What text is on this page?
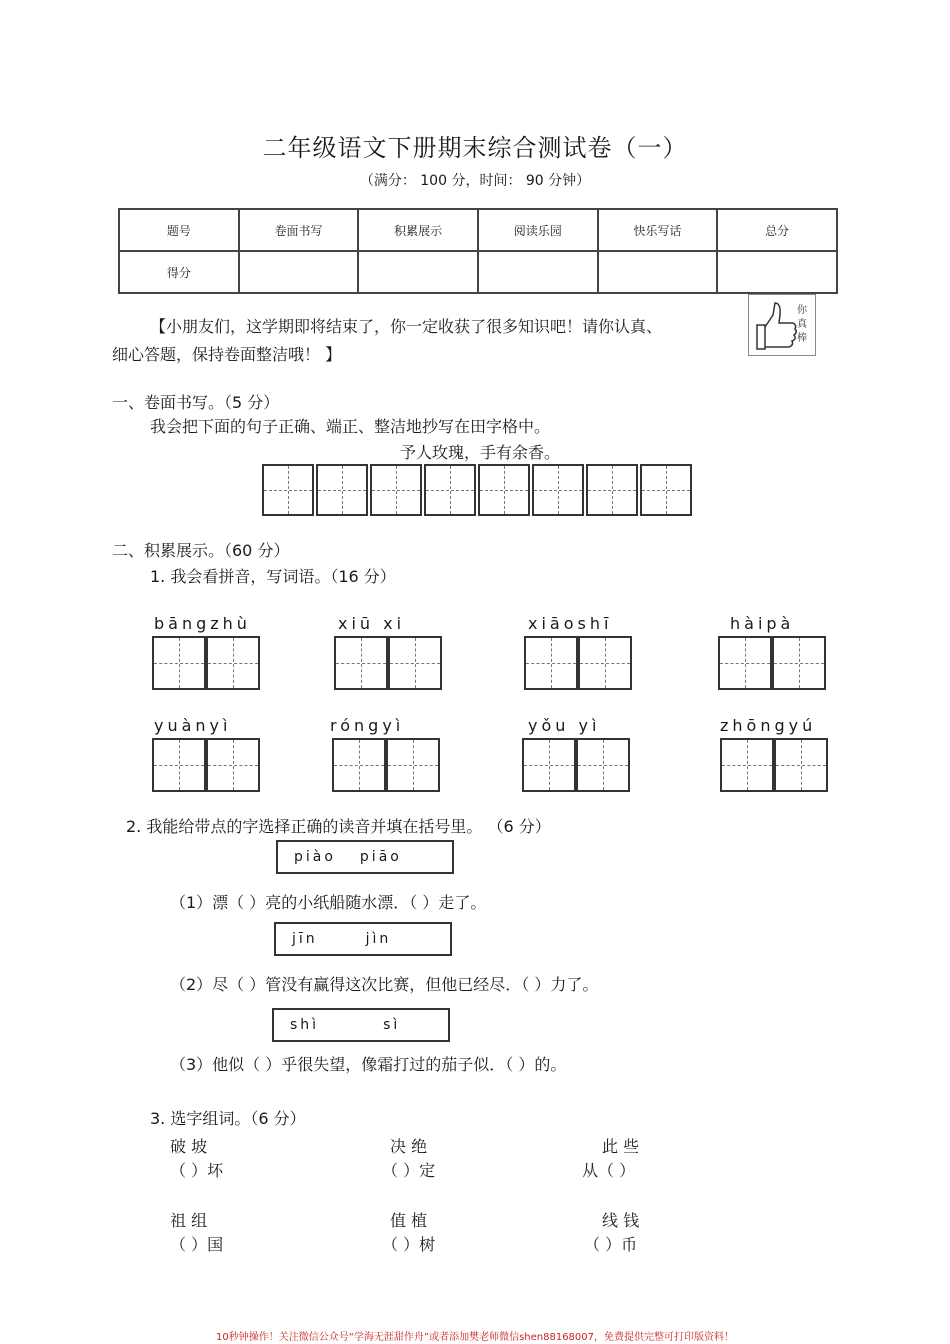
二年级语文下册期末综合测试卷（一）
（满分： 100 分，时间： 90 分钟）
题号	卷面书写	积累展示	阅读乐园	快乐写话	总分
得分					
【小朋友们，这学期即将结束了，你一定收获了很多知识吧！请你认真、
细心答题，保持卷面整洁哦！ 】
你
真
棒
一、卷面书写。（5 分）
我会把下面的句子正确、端正、整洁地抄写在田字格中。
予人玫瑰，手有余香。
二、积累展示。（60 分）
1. 我会看拼音，写词语。（16 分）
bāngzhù	xiū xi	xiāoshī	hàipà
yuànyì	róngyì	yǒu yì	zhōngyú
2. 我能给带点的字选择正确的读音并填在括号里。 （6 分）
piào piāo
（1）漂（ ）亮的小纸船随水漂．（ ）走了。
jīn	jìn
（2）尽（ ）管没有赢得这次比赛，但他已经尽．（ ）力了。
shì	sì
（3）他似（ ）乎很失望，像霜打过的茄子似．（ ）的。
3. 选字组词。（6 分）
破 坡
（ ）坏
决 绝
（ ）定
此 些
从（ ）
祖 组
（ ）国
值 植
（ ）树
线 钱
（ ）币
10秒钟操作！关注微信公众号“学海无涯甜作舟”或者添加樊老师微信shen88168007，免费提供完整可打印版资料！
